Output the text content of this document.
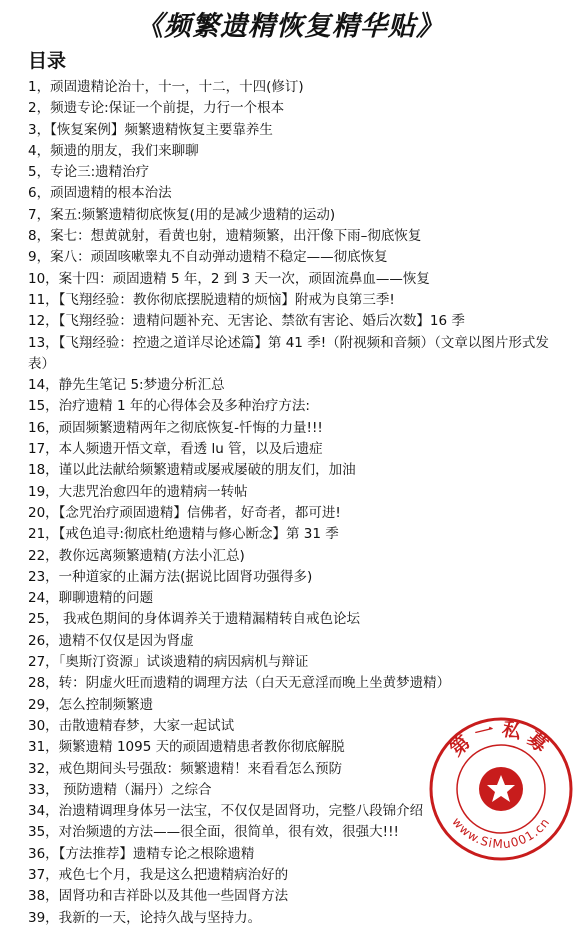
《频繁遗精恢复精华贴》
目录
1，顽固遗精论治十，十一，十二，十四(修订)
2，频遗专论:保证一个前提，力行一个根本
3，【恢复案例】频繁遗精恢复主要靠养生
4，频遗的朋友，我们来聊聊
5，专论三:遗精治疗
6，顽固遗精的根本治法
7，案五:频繁遗精彻底恢复(用的是减少遗精的运动)
8，案七：想黄就射，看黄也射，遗精频繁，出汗像下雨–彻底恢复
9，案八：顽固咳嗽睾丸不自动弹动遗精不稳定——彻底恢复
10，案十四：顽固遗精 5 年，2 到 3 天一次，顽固流鼻血——恢复
11，【飞翔经验：教你彻底摆脱遗精的烦恼】附戒为良第三季!
12，【飞翔经验：遗精问题补充、无害论、禁欲有害论、婚后次数】16 季
13，【飞翔经验：控遗之道详尽论述篇】第 41 季!（附视频和音频）（文章以图片形式发表）
14，静先生笔记 5:梦遗分析汇总
15，治疗遗精 1 年的心得体会及多种治疗方法:
16，顽固频繁遗精两年之彻底恢复-忏悔的力量!!!
17，本人频遗开悟文章，看透 lu 管，以及后遗症
18，谨以此法献给频繁遗精或屡戒屡破的朋友们，加油
19，大悲咒治愈四年的遗精病一转帖
20，【念咒治疗顽固遗精】信佛者，好奇者，都可进!
21，【戒色追寻:彻底杜绝遗精与修心断念】第 31 季
22，教你远离频繁遗精(方法小汇总)
23，一种道家的止漏方法(据说比固肾功强得多)
24，聊聊遗精的问题
25， 我戒色期间的身体调养关于遗精漏精转自戒色论坛
26，遗精不仅仅是因为肾虚
27，「奥斯汀资源」试谈遗精的病因病机与辩证
28，转：阴虚火旺而遗精的调理方法（白天无意淫而晚上坐黄梦遗精）
29，怎么控制频繁遗
30，击散遗精春梦，大家一起试试
31，频繁遗精 1095 天的顽固遗精患者教你彻底解脱
32，戒色期间头号强敌：频繁遗精！来看看怎么预防
33， 预防遗精（漏丹）之综合
34，治遗精调理身体另一法宝，不仅仅是固肾功，完整八段锦介绍
35，对治频遗的方法——很全面，很简单，很有效，很强大!!!
36，【方法推荐】遗精专论之根除遗精
37，戒色七个月，我是这么把遗精病治好的
38，固肾功和吉祥卧以及其他一些固肾方法
39，我新的一天，论持久战与坚持力。
第一私募
www.SiMu001.cn
